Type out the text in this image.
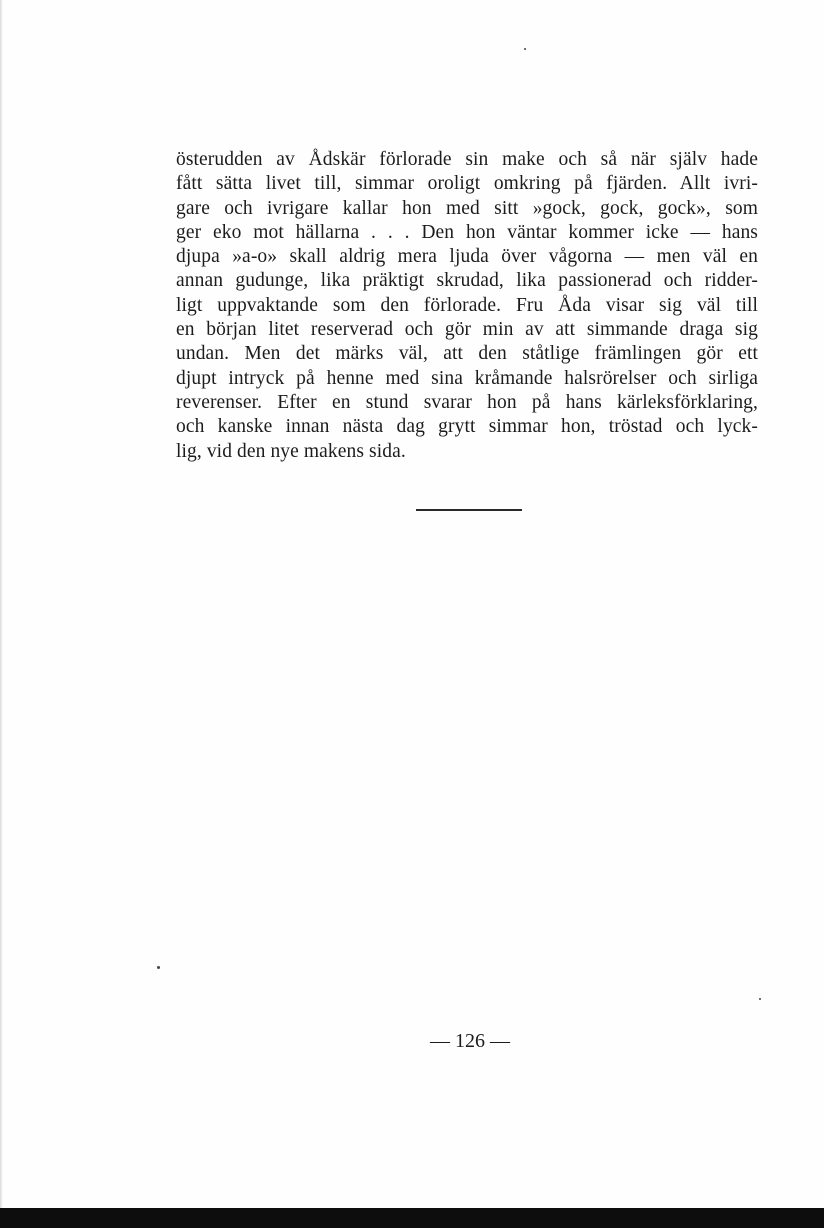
österudden av Ådskär förlorade sin make och så när själv hade
fått sätta livet till, simmar oroligt omkring på fjärden. Allt ivri-
gare och ivrigare kallar hon med sitt »gock, gock, gock», som
ger eko mot hällarna . . . Den hon väntar kommer icke — hans
djupa »a-o» skall aldrig mera ljuda över vågorna — men väl en
annan gudunge, lika präktigt skrudad, lika passionerad och ridder-
ligt uppvaktande som den förlorade. Fru Åda visar sig väl till
en början litet reserverad och gör min av att simmande draga sig
undan. Men det märks väl, att den ståtlige främlingen gör ett
djupt intryck på henne med sina kråmande halsrörelser och sirliga
reverenser. Efter en stund svarar hon på hans kärleksförklaring,
och kanske innan nästa dag grytt simmar hon, tröstad och lyck-
lig, vid den nye makens sida.
— 126 —
